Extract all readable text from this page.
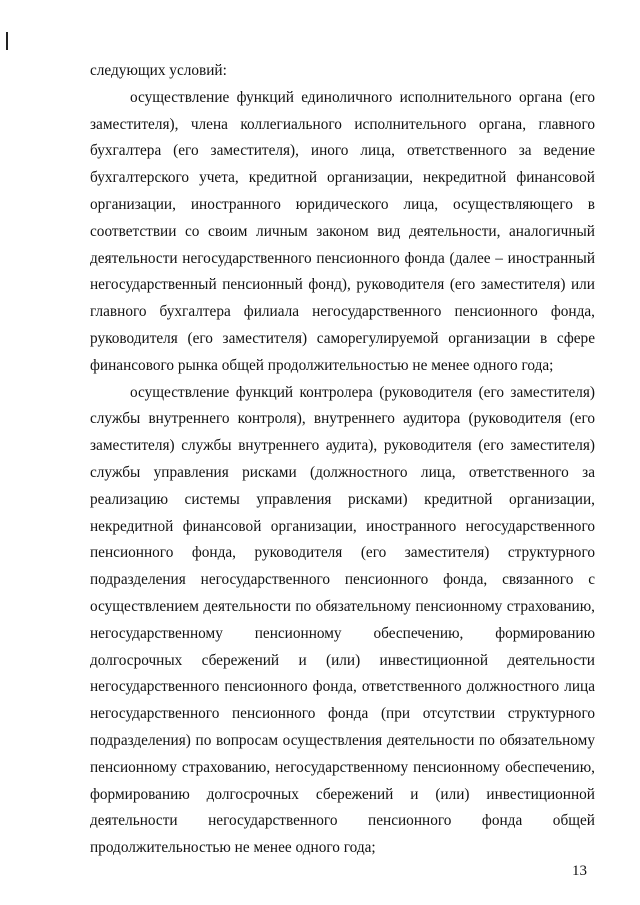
следующих условий:

осуществление функций единоличного исполнительного органа (его заместителя), члена коллегиального исполнительного органа, главного бухгалтера (его заместителя), иного лица, ответственного за ведение бухгалтерского учета, кредитной организации, некредитной финансовой организации, иностранного юридического лица, осуществляющего в соответствии со своим личным законом вид деятельности, аналогичный деятельности негосударственного пенсионного фонда (далее – иностранный негосударственный пенсионный фонд), руководителя (его заместителя) или главного бухгалтера филиала негосударственного пенсионного фонда, руководителя (его заместителя) саморегулируемой организации в сфере финансового рынка общей продолжительностью не менее одного года;

осуществление функций контролера (руководителя (его заместителя) службы внутреннего контроля), внутреннего аудитора (руководителя (его заместителя) службы внутреннего аудита), руководителя (его заместителя) службы управления рисками (должностного лица, ответственного за реализацию системы управления рисками) кредитной организации, некредитной финансовой организации, иностранного негосударственного пенсионного фонда, руководителя (его заместителя) структурного подразделения негосударственного пенсионного фонда, связанного с осуществлением деятельности по обязательному пенсионному страхованию, негосударственному пенсионному обеспечению, формированию долгосрочных сбережений и (или) инвестиционной деятельности негосударственного пенсионного фонда, ответственного должностного лица негосударственного пенсионного фонда (при отсутствии структурного подразделения) по вопросам осуществления деятельности по обязательному пенсионному страхованию, негосударственному пенсионному обеспечению, формированию долгосрочных сбережений и (или) инвестиционной деятельности негосударственного пенсионного фонда общей продолжительностью не менее одного года;

13
